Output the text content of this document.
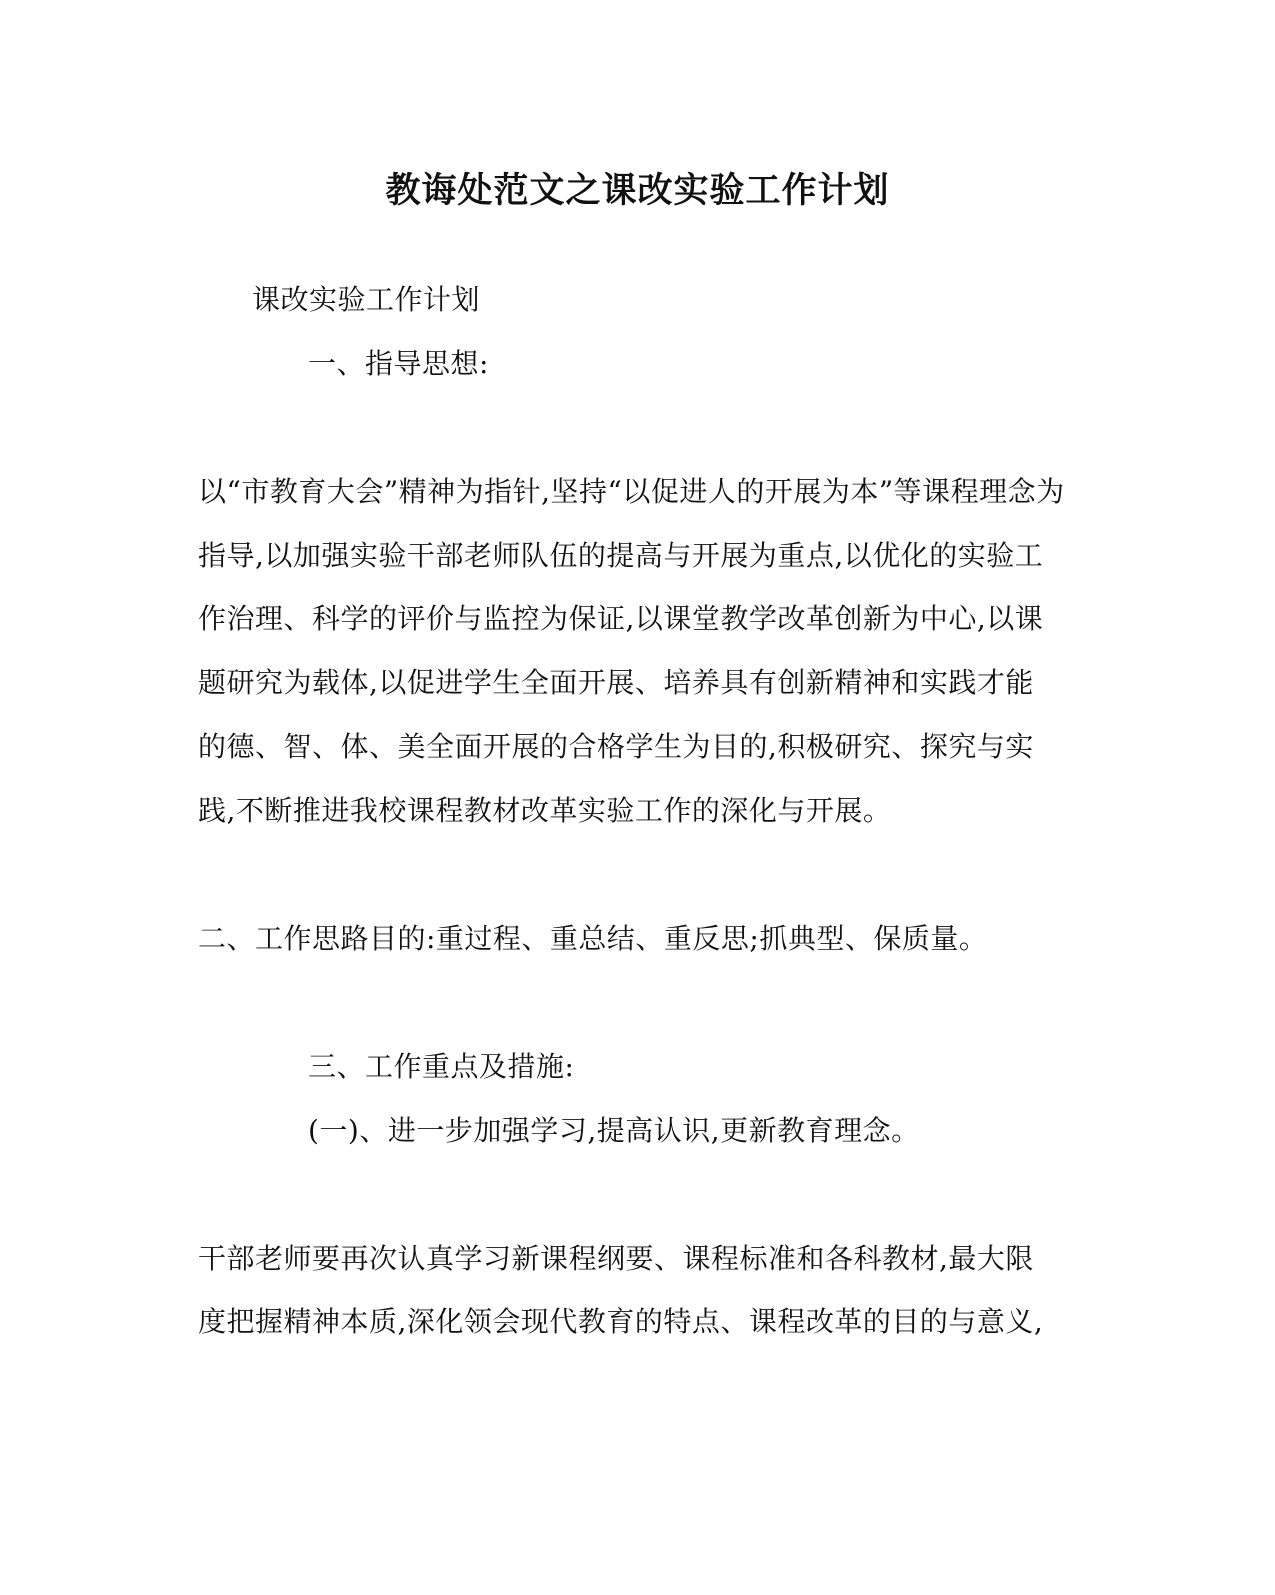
教诲处范文之课改实验工作计划

课改实验工作计划

一、指导思想:

以“市教育大会”精神为指针,坚持“以促进人的开展为本”等课程理念为

指导,以加强实验干部老师队伍的提高与开展为重点,以优化的实验工

作治理、科学的评价与监控为保证,以课堂教学改革创新为中心,以课

题研究为载体,以促进学生全面开展、培养具有创新精神和实践才能

的德、智、体、美全面开展的合格学生为目的,积极研究、探究与实

践,不断推进我校课程教材改革实验工作的深化与开展。

二、工作思路目的:重过程、重总结、重反思;抓典型、保质量。

三、工作重点及措施:

(一)、进一步加强学习,提高认识,更新教育理念。

干部老师要再次认真学习新课程纲要、课程标准和各科教材,最大限

度把握精神本质,深化领会现代教育的特点、课程改革的目的与意义,
